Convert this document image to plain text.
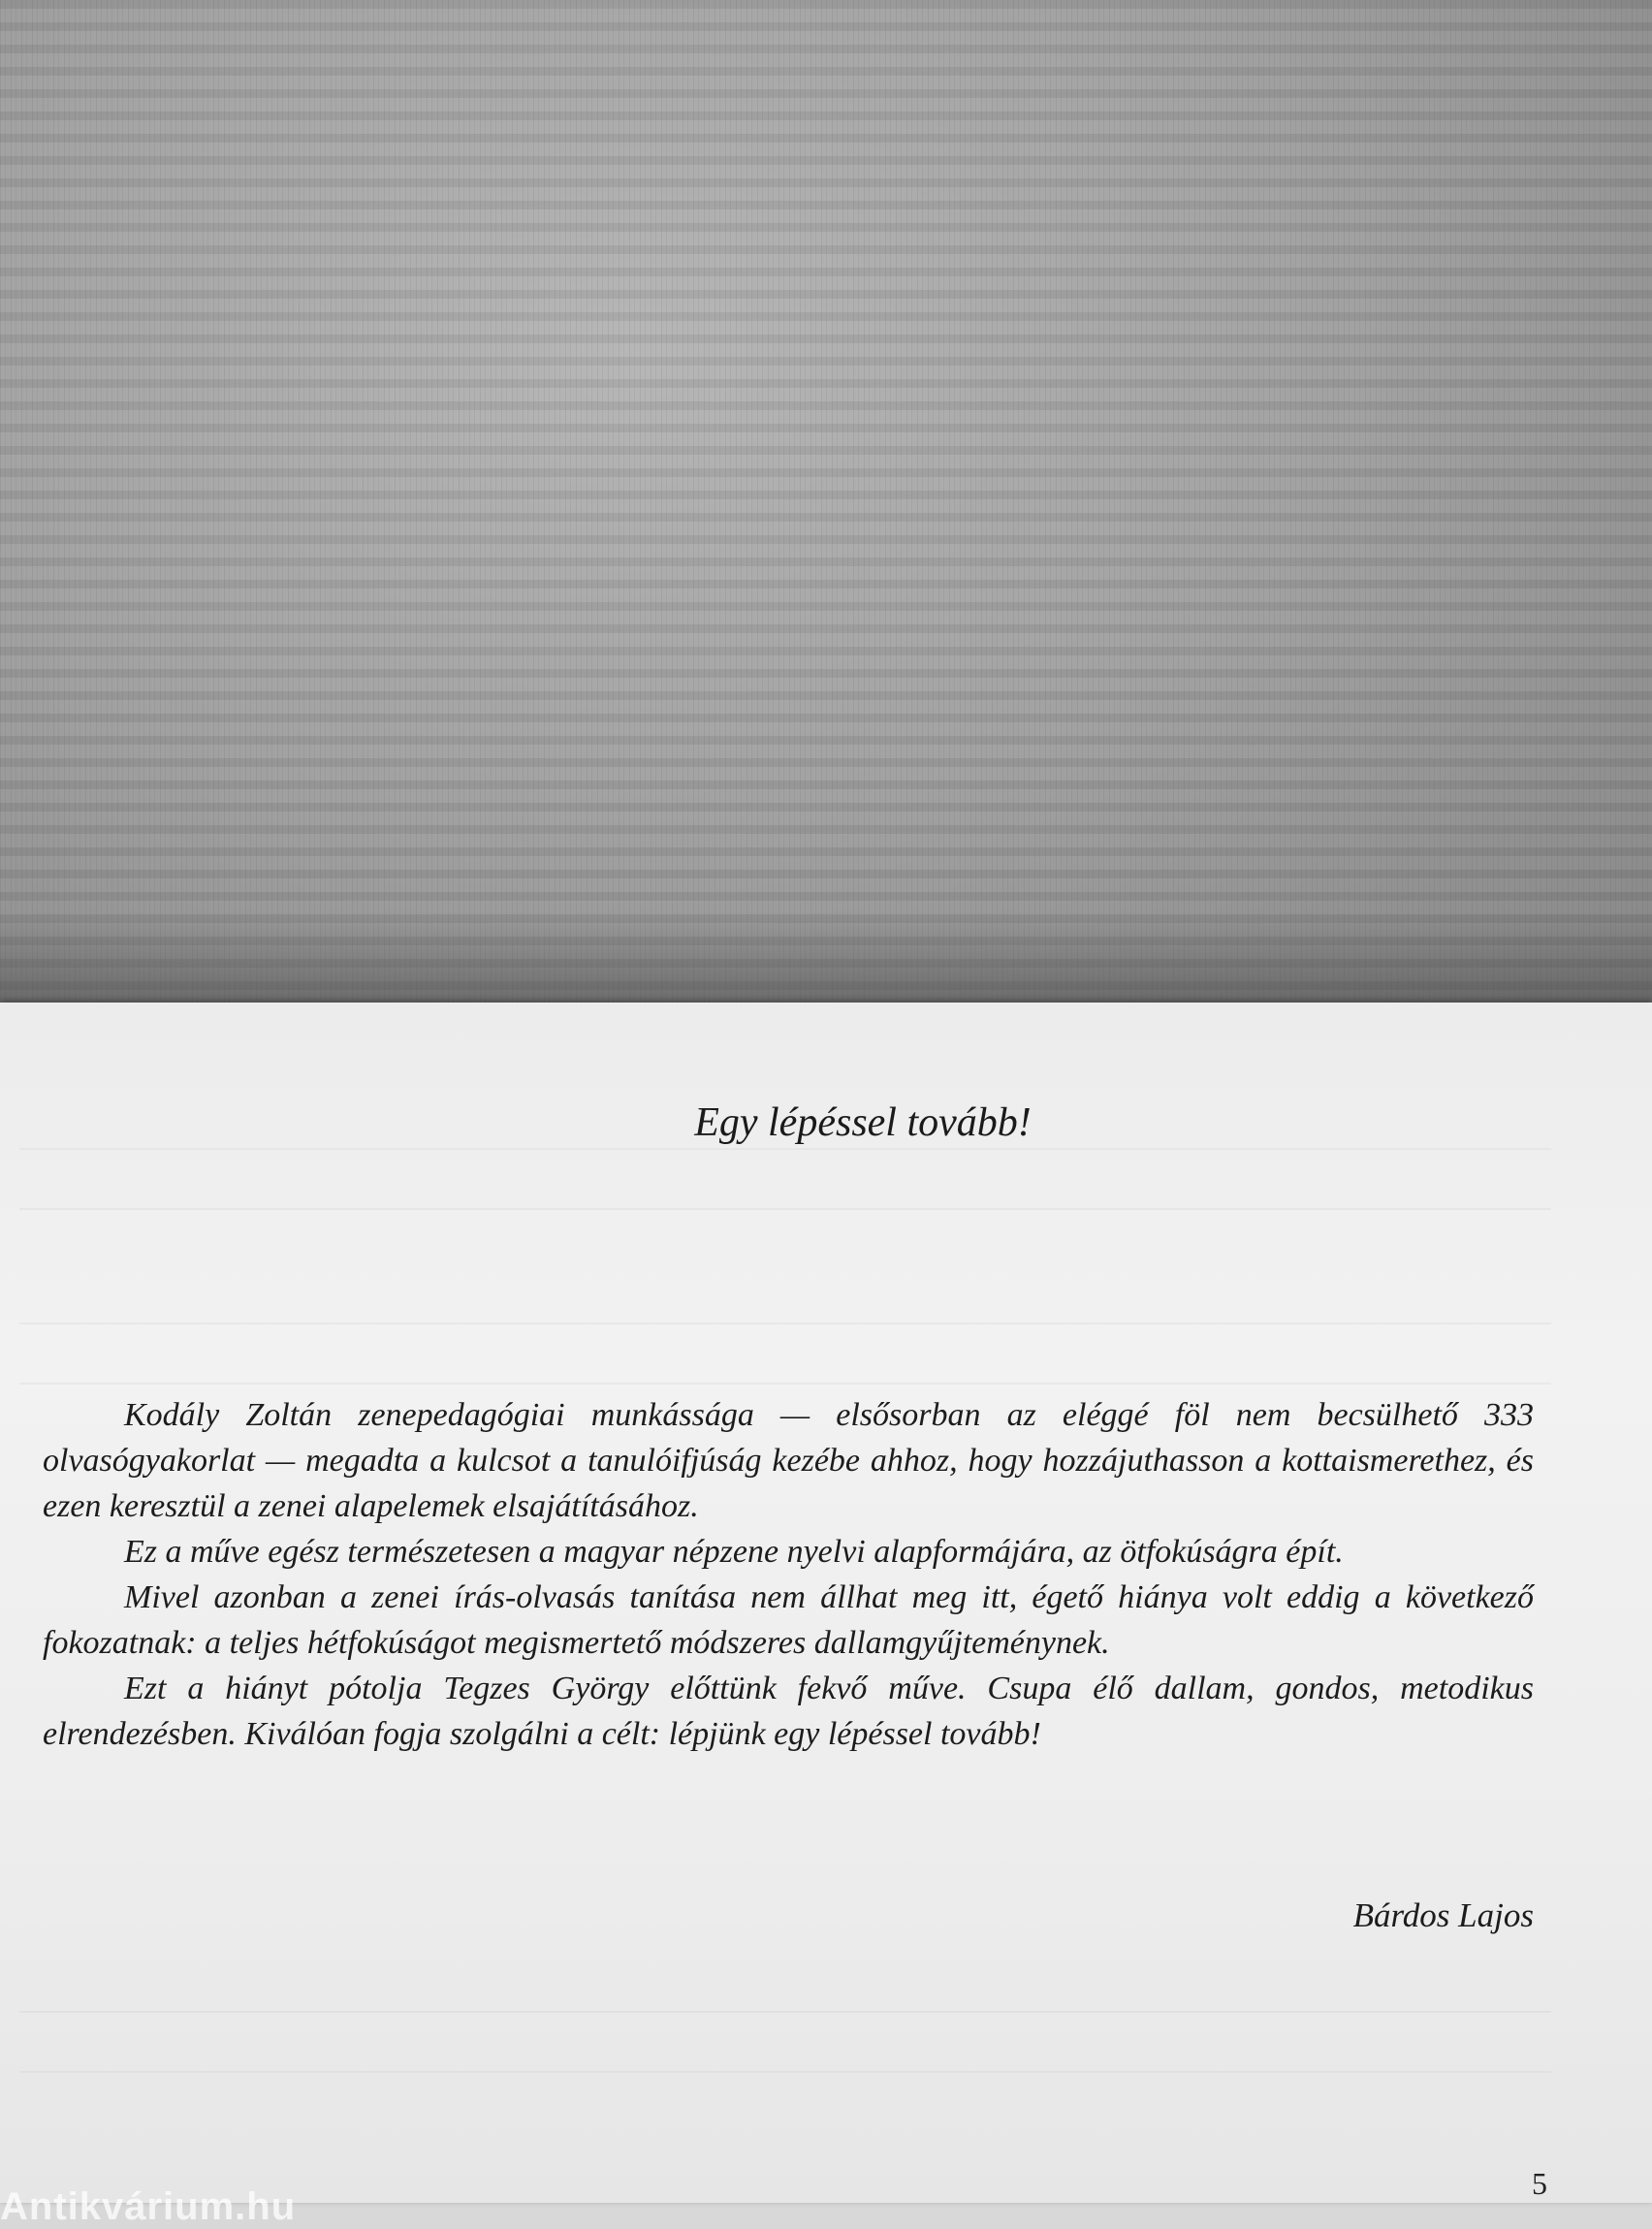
Egy lépéssel tovább!

Kodály Zoltán zenepedagógiai munkássága — elsősorban az eléggé föl nem becsülhető 333 olvasógyakorlat — megadta a kulcsot a tanulóifjúság kezébe ahhoz, hogy hozzájuthasson a kottaismerethez, és ezen keresztül a zenei alapelemek elsajátításához.

Ez a műve egész természetesen a magyar népzene nyelvi alapformájára, az ötfokúságra épít.

Mivel azonban a zenei írás-olvasás tanítása nem állhat meg itt, égető hiánya volt eddig a következő fokozatnak: a teljes hétfokúságot megismertető módszeres dallamgyűjteménynek.

Ezt a hiányt pótolja Tegzes György előttünk fekvő műve. Csupa élő dallam, gondos, metodikus elrendezésben. Kiválóan fogja szolgálni a célt: lépjünk egy lépéssel tovább!

Bárdos Lajos
5
Antikvárium.hu
